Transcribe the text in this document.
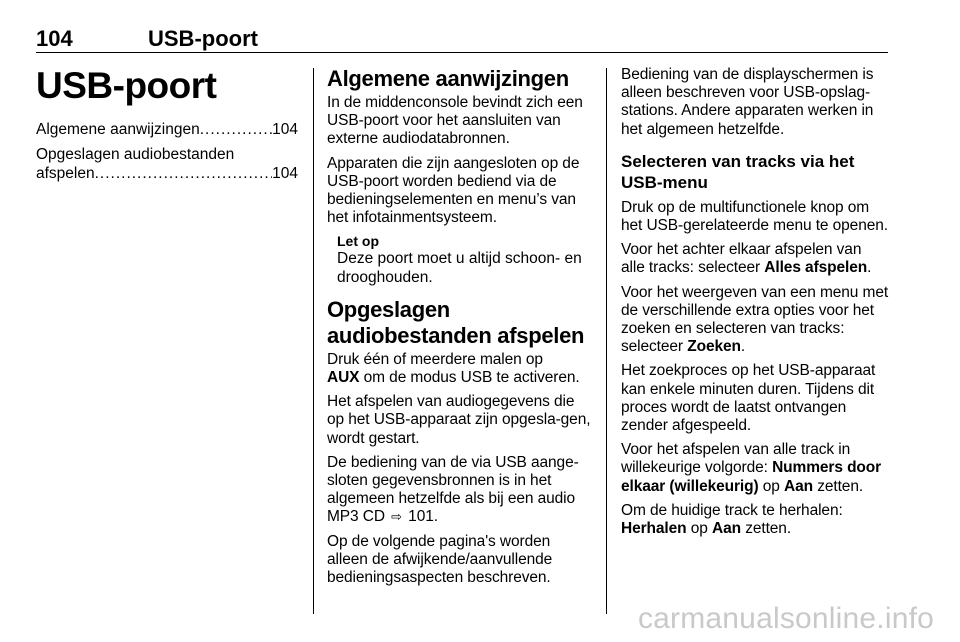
104	USB-poort
USB-poort
Algemene aanwijzingen .....	104
Opgeslagen audiobestanden
afspelen .....	104
Algemene aanwijzingen

In de middenconsole bevindt zich een USB-poort voor het aansluiten van externe audiodatabronnen.

Apparaten die zijn aangesloten op de USB-poort worden bediend via de bedieningselementen en menu’s van het infotainmentsysteem.

Let op
Deze poort moet u altijd schoon- en drooghouden.
Opgeslagen
audiobestanden afspelen

Druk één of meerdere malen op
AUX om de modus USB te activeren.

Het afspelen van audiogegevens die op het USB-apparaat zijn opgesla-gen, wordt gestart.

De bediening van de via USB aange-sloten gegevensbronnen is in het algemeen hetzelfde als bij een audio MP3 CD ⇨ 101.

Op de volgende pagina's worden alleen de afwijkende/aanvullende bedieningsaspecten beschreven.

Bediening van de displayschermen is alleen beschreven voor USB-opslag-stations. Andere apparaten werken in het algemeen hetzelfde.

Selecteren van tracks via het
USB-menu

Druk op de multifunctionele knop om het USB-gerelateerde menu te openen.

Voor het achter elkaar afspelen van alle tracks: selecteer Alles afspelen.

Voor het weergeven van een menu met de verschillende extra opties voor het zoeken en selecteren van tracks: selecteer Zoeken.

Het zoekproces op het USB-apparaat kan enkele minuten duren. Tijdens dit proces wordt de laatst ontvangen zender afgespeeld.

Voor het afspelen van alle track in willekeurige volgorde: Nummers door elkaar (willekeurig) op Aan zetten.

Om de huidige track te herhalen:
Herhalen op Aan zetten.

carmanualsonline.info
